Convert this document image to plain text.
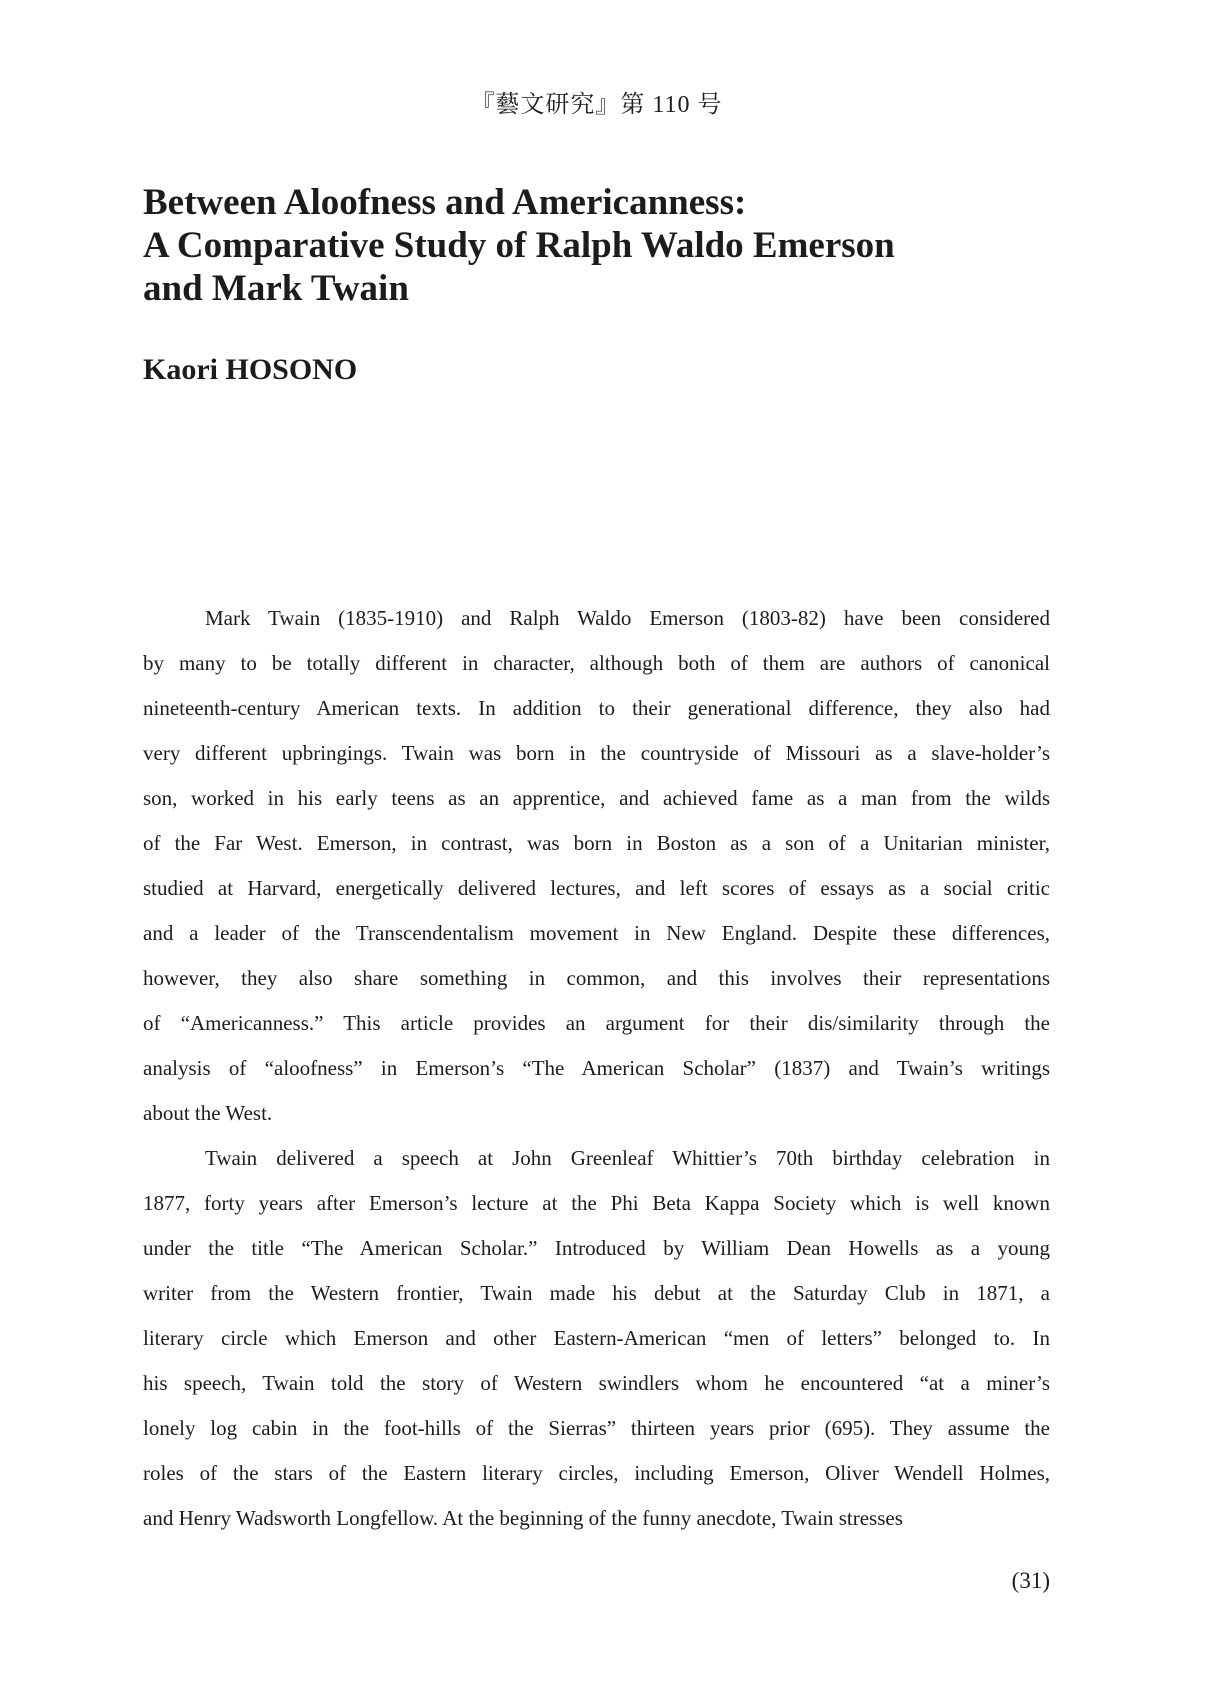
『藝文研究』第 110 号
Between Aloofness and Americanness:
A Comparative Study of Ralph Waldo Emerson
and Mark Twain
Kaori HOSONO
Mark Twain (1835-1910) and Ralph Waldo Emerson (1803-82) have been considered
by many to be totally different in character, although both of them are authors of canonical
nineteenth-century American texts. In addition to their generational difference, they also had
very different upbringings. Twain was born in the countryside of Missouri as a slave-holder’s
son, worked in his early teens as an apprentice, and achieved fame as a man from the wilds
of the Far West. Emerson, in contrast, was born in Boston as a son of a Unitarian minister,
studied at Harvard, energetically delivered lectures, and left scores of essays as a social critic
and a leader of the Transcendentalism movement in New England. Despite these differences,
however, they also share something in common, and this involves their representations
of “Americanness.” This article provides an argument for their dis/similarity through the
analysis of “aloofness” in Emerson’s “The American Scholar” (1837) and Twain’s writings
about the West.
Twain delivered a speech at John Greenleaf Whittier’s 70th birthday celebration in
1877, forty years after Emerson’s lecture at the Phi Beta Kappa Society which is well known
under the title “The American Scholar.” Introduced by William Dean Howells as a young
writer from the Western frontier, Twain made his debut at the Saturday Club in 1871, a
literary circle which Emerson and other Eastern-American “men of letters” belonged to. In
his speech, Twain told the story of Western swindlers whom he encountered “at a miner’s
lonely log cabin in the foot-hills of the Sierras” thirteen years prior (695). They assume the
roles of the stars of the Eastern literary circles, including Emerson, Oliver Wendell Holmes,
and Henry Wadsworth Longfellow. At the beginning of the funny anecdote, Twain stresses
(31)
